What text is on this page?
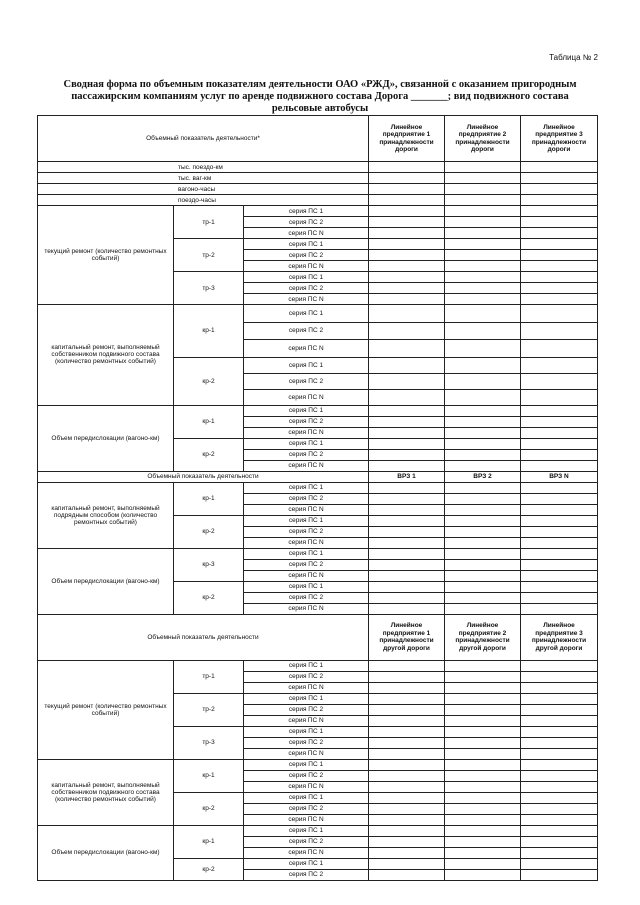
Таблица № 2
Сводная форма по объемным показателям деятельности ОАО «РЖД», связанной с оказанием пригородным
пассажирским компаниям услуг по аренде подвижного состава Дорога _______; вид подвижного состава
рельсовые автобусы
Объемный показатель деятельности*			Линейное предприятие 1 принадлежности дороги	Линейное предприятие 2 принадлежности дороги	Линейное предприятие 3 принадлежности дороги
тыс. поездо-км					
тыс. ваг-км					
вагоно-часы					
поездо-часы					
текущий ремонт (количество ремонтных событий)	тр-1	серия ПС 1			
		серия ПС 2			
		серия ПС N			
	тр-2	серия ПС 1			
		серия ПС 2			
		серия ПС N			
	тр-3	серия ПС 1			
		серия ПС 2			
		серия ПС N			
капитальный ремонт, выполняемый собственником подвижного состава (количество ремонтных событий)	кр-1	серия ПС 1			
		серия ПС 2			
		серия ПС N			
	кр-2	серия ПС 1			
		серия ПС 2			
		серия ПС N			
Объем передислокации (вагоно-км)	кр-1	серия ПС 1			
		серия ПС 2			
		серия ПС N			
	кр-2	серия ПС 1			
		серия ПС 2			
		серия ПС N			
Объемный показатель деятельности			ВРЗ 1	ВРЗ 2	ВРЗ N
капитальный ремонт, выполняемый подрядным способом (количество ремонтных событий)	кр-1	серия ПС 1			
		серия ПС 2			
		серия ПС N			
	кр-2	серия ПС 1			
		серия ПС 2			
		серия ПС N			
Объем передислокации (вагоно-км)	кр-3	серия ПС 1			
		серия ПС 2			
		серия ПС N			
	кр-2	серия ПС 1			
		серия ПС 2			
		серия ПС N			
Объемный показатель деятельности			Линейное предприятие 1 принадлежности другой дороги	Линейное предприятие 2 принадлежности другой дороги	Линейное предприятие 3 принадлежности другой дороги
текущий ремонт (количество ремонтных событий)	тр-1	серия ПС 1			
		серия ПС 2			
		серия ПС N			
	тр-2	серия ПС 1			
		серия ПС 2			
		серия ПС N			
	тр-3	серия ПС 1			
		серия ПС 2			
		серия ПС N			
капитальный ремонт, выполняемый собственником подвижного состава (количество ремонтных событий)	кр-1	серия ПС 1			
		серия ПС 2			
		серия ПС N			
	кр-2	серия ПС 1			
		серия ПС 2			
		серия ПС N			
Объем передислокации (вагоно-км)	кр-1	серия ПС 1			
		серия ПС 2			
		серия ПС N			
	кр-2	серия ПС 1			
		серия ПС 2			
